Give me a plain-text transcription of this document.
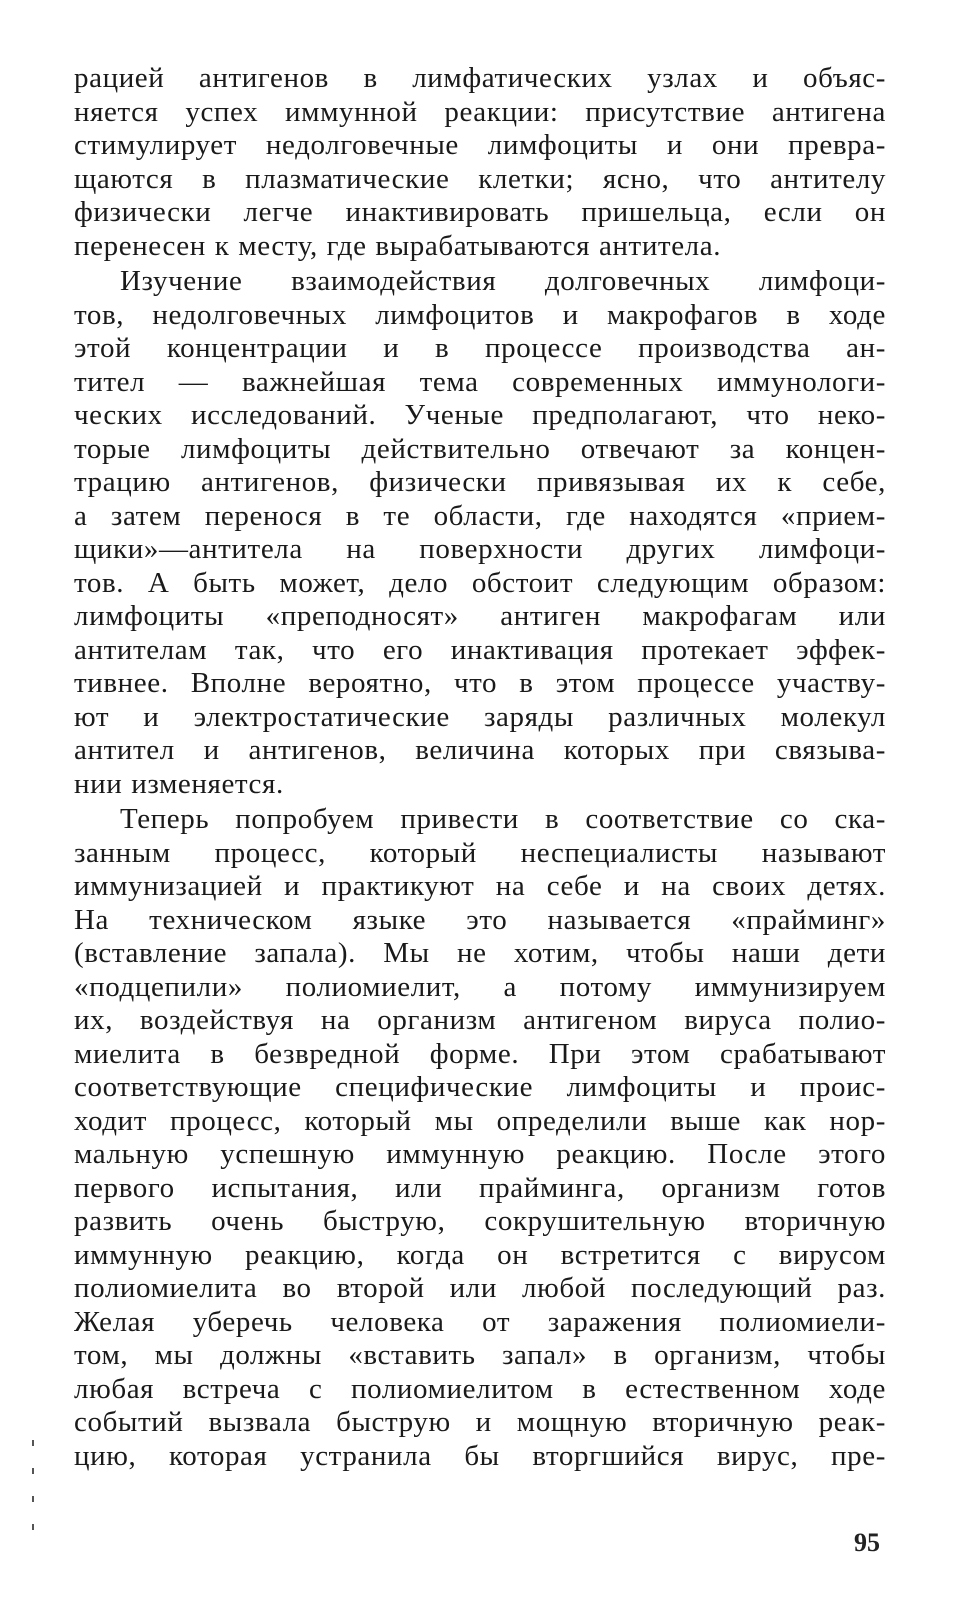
рацией антигенов в лимфатических узлах и объяс-
няется успех иммунной реакции: присутствие антигена
стимулирует недолговечные лимфоциты и они превра-
щаются в плазматические клетки; ясно, что антителу
физически легче инактивировать пришельца, если он
перенесен к месту, где вырабатываются антитела.

Изучение взаимодействия долговечных лимфоци-
тов, недолговечных лимфоцитов и макрофагов в ходе
этой концентрации и в процессе производства ан-
тител — важнейшая тема современных иммунологи-
ческих исследований. Ученые предполагают, что неко-
торые лимфоциты действительно отвечают за концен-
трацию антигенов, физически привязывая их к себе,
а затем перенося в те области, где находятся «прием-
щики»—антитела на поверхности других лимфоци-
тов. А быть может, дело обстоит следующим образом:
лимфоциты «преподносят» антиген макрофагам или
антителам так, что его инактивация протекает эффек-
тивнее. Вполне вероятно, что в этом процессе участву-
ют и электростатические заряды различных молекул
антител и антигенов, величина которых при связыва-
нии изменяется.

Теперь попробуем привести в соответствие со ска-
занным процесс, который неспециалисты называют
иммунизацией и практикуют на себе и на своих детях.
На техническом языке это называется «прайминг»
(вставление запала). Мы не хотим, чтобы наши дети
«подцепили» полиомиелит, а потому иммунизируем
их, воздействуя на организм антигеном вируса полио-
миелита в безвредной форме. При этом срабатывают
соответствующие специфические лимфоциты и проис-
ходит процесс, который мы определили выше как нор-
мальную успешную иммунную реакцию. После этого
первого испытания, или прайминга, организм готов
развить очень быструю, сокрушительную вторичную
иммунную реакцию, когда он встретится с вирусом
полиомиелита во второй или любой последующий раз.
Желая уберечь человека от заражения полиомиели-
том, мы должны «вставить запал» в организм, чтобы
любая встреча с полиомиелитом в естественном ходе
событий вызвала быструю и мощную вторичную реак-
цию, которая устранила бы вторгшийся вирус, пре-

95
